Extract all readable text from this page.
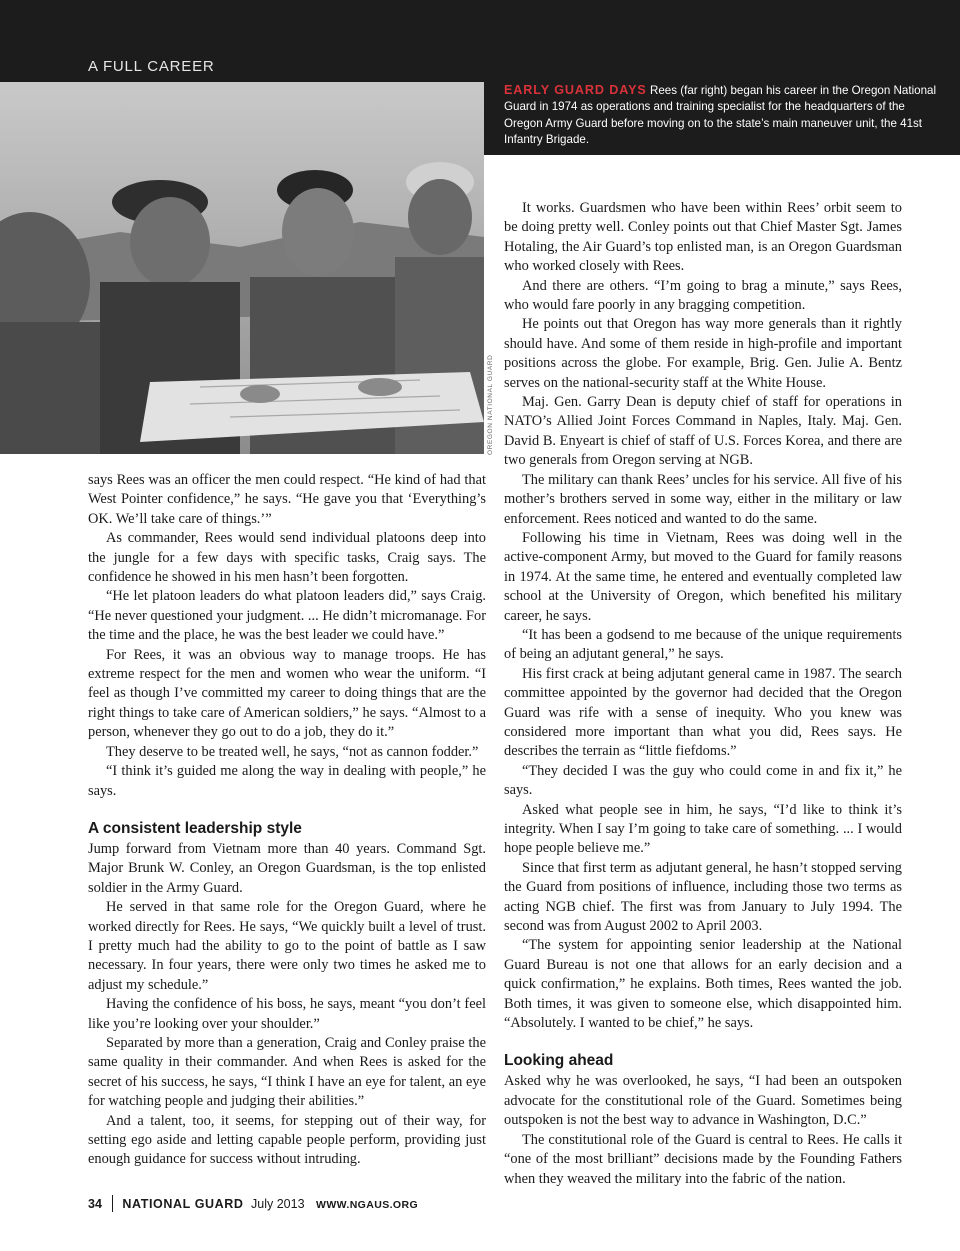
A FULL CAREER
OREGON NATIONAL GUARD
EARLY GUARD DAYS Rees (far right) began his career in the Oregon National Guard in 1974 as operations and training specialist for the headquarters of the Oregon Army Guard before moving on to the state’s main maneuver unit, the 41st Infantry Brigade.

says Rees was an officer the men could respect. “He kind of had that West Pointer confidence,” he says. “He gave you that ‘Everything’s OK. We’ll take care of things.’”

As commander, Rees would send individual platoons deep into the jungle for a few days with specific tasks, Craig says. The confidence he showed in his men hasn’t been forgotten.

“He let platoon leaders do what platoon leaders did,” says Craig. “He never questioned your judgment. ... He didn’t micromanage. For the time and the place, he was the best leader we could have.”

For Rees, it was an obvious way to manage troops. He has extreme respect for the men and women who wear the uniform. “I feel as though I’ve committed my career to doing things that are the right things to take care of American soldiers,” he says. “Almost to a person, whenever they go out to do a job, they do it.”

They deserve to be treated well, he says, “not as cannon fodder.”

“I think it’s guided me along the way in dealing with people,” he says.

A consistent leadership style

Jump forward from Vietnam more than 40 years. Command Sgt. Major Brunk W. Conley, an Oregon Guardsman, is the top enlisted soldier in the Army Guard.

He served in that same role for the Oregon Guard, where he worked directly for Rees. He says, “We quickly built a level of trust. I pretty much had the ability to go to the point of battle as I saw necessary. In four years, there were only two times he asked me to adjust my schedule.”

Having the confidence of his boss, he says, meant “you don’t feel like you’re looking over your shoulder.”

Separated by more than a generation, Craig and Conley praise the same quality in their commander. And when Rees is asked for the secret of his success, he says, “I think I have an eye for talent, an eye for watching people and judging their abilities.”

And a talent, too, it seems, for stepping out of their way, for setting ego aside and letting capable people perform, providing just enough guidance for success without intruding.

It works. Guardsmen who have been within Rees’ orbit seem to be doing pretty well. Conley points out that Chief Master Sgt. James Hotaling, the Air Guard’s top enlisted man, is an Oregon Guardsman who worked closely with Rees.

And there are others. “I’m going to brag a minute,” says Rees, who would fare poorly in any bragging competition.

He points out that Oregon has way more generals than it rightly should have. And some of them reside in high-profile and important positions across the globe. For example, Brig. Gen. Julie A. Bentz serves on the national-security staff at the White House.

Maj. Gen. Garry Dean is deputy chief of staff for operations in NATO’s Allied Joint Forces Command in Naples, Italy. Maj. Gen. David B. Enyeart is chief of staff of U.S. Forces Korea, and there are two generals from Oregon serving at NGB.

The military can thank Rees’ uncles for his service. All five of his mother’s brothers served in some way, either in the military or law enforcement. Rees noticed and wanted to do the same.

Following his time in Vietnam, Rees was doing well in the active-component Army, but moved to the Guard for family reasons in 1974. At the same time, he entered and eventually completed law school at the University of Oregon, which benefited his military career, he says.

“It has been a godsend to me because of the unique requirements of being an adjutant general,” he says.

His first crack at being adjutant general came in 1987. The search committee appointed by the governor had decided that the Oregon Guard was rife with a sense of inequity. Who you knew was considered more important than what you did, Rees says. He describes the terrain as “little fiefdoms.”

“They decided I was the guy who could come in and fix it,” he says.

Asked what people see in him, he says, “I’d like to think it’s integrity. When I say I’m going to take care of something. ... I would hope people believe me.”

Since that first term as adjutant general, he hasn’t stopped serving the Guard from positions of influence, including those two terms as acting NGB chief. The first was from January to July 1994. The second was from August 2002 to April 2003.

“The system for appointing senior leadership at the National Guard Bureau is not one that allows for an early decision and a quick confirmation,” he explains. Both times, Rees wanted the job. Both times, it was given to someone else, which disappointed him. “Absolutely. I wanted to be chief,” he says.

Looking ahead

Asked why he was overlooked, he says, “I had been an outspoken advocate for the constitutional role of the Guard. Sometimes being outspoken is not the best way to advance in Washington, D.C.”

The constitutional role of the Guard is central to Rees. He calls it “one of the most brilliant” decisions made by the Founding Fathers when they weaved the military into the fabric of the nation.

34 NATIONAL GUARD July 2013 WWW.NGAUS.ORG
